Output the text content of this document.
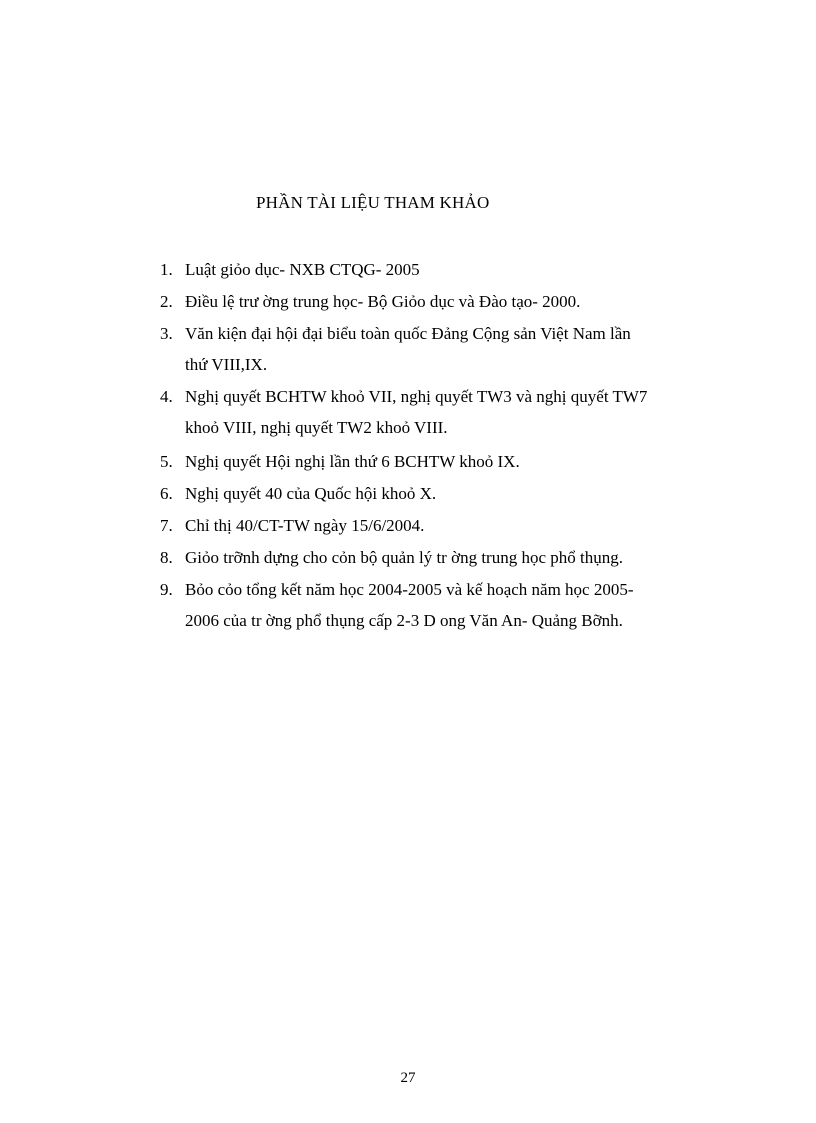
PHẦN TÀI LIỆU THAM KHẢO
1. Luật giỏo dục- NXB CTQG- 2005
2. Điều lệ trư ờng trung học- Bộ Giỏo dục và Đào tạo- 2000.
3. Văn kiện đại hội đại biểu toàn quốc Đảng Cộng sản Việt Nam lần
thứ VIII,IX.
4. Nghị quyết BCHTW khoỏ VII, nghị quyết TW3 và nghị quyết TW7
khoỏ VIII, nghị quyết TW2 khoỏ VIII.
5. Nghị quyết Hội nghị lần thứ 6 BCHTW khoỏ IX.
6. Nghị quyết 40 của Quốc hội khoỏ X.
7. Chỉ thị 40/CT-TW ngày 15/6/2004.
8. Giỏo trỡnh dựng cho cỏn bộ quản lý tr ờng trung học phổ thụng.
9. Bỏo cỏo tổng kết năm học 2004-2005 và kế hoạch năm học 2005-
2006 của tr ờng phổ thụng cấp 2-3 D ong Văn An- Quảng Bỡnh.
27
